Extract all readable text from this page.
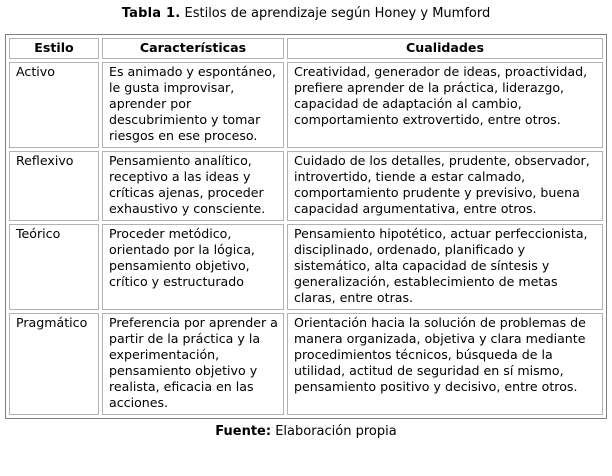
Tabla 1. Estilos de aprendizaje según Honey y Mumford
Estilo	Características	Cualidades
Activo	Es animado y espontáneo, le gusta improvisar, aprender por descubrimiento y tomar riesgos en ese proceso.	Creatividad, generador de ideas, proactividad, prefiere aprender de la práctica, liderazgo, capacidad de adaptación al cambio, comportamiento extrovertido, entre otros.
Reflexivo	Pensamiento analítico, receptivo a las ideas y críticas ajenas, proceder exhaustivo y consciente.	Cuidado de los detalles, prudente, observador, introvertido, tiende a estar calmado, comportamiento prudente y previsivo, buena capacidad argumentativa, entre otros.
Teórico	Proceder metódico, orientado por la lógica, pensamiento objetivo, crítico y estructurado	Pensamiento hipotético, actuar perfeccionista, disciplinado, ordenado, planificado y sistemático, alta capacidad de síntesis y generalización, establecimiento de metas claras, entre otras.
Pragmático	Preferencia por aprender a partir de la práctica y la experimentación, pensamiento objetivo y realista, eficacia en las acciones.	Orientación hacia la solución de problemas de manera organizada, objetiva y clara mediante procedimientos técnicos, búsqueda de la utilidad, actitud de seguridad en sí mismo, pensamiento positivo y decisivo, entre otros.
Fuente: Elaboración propia
